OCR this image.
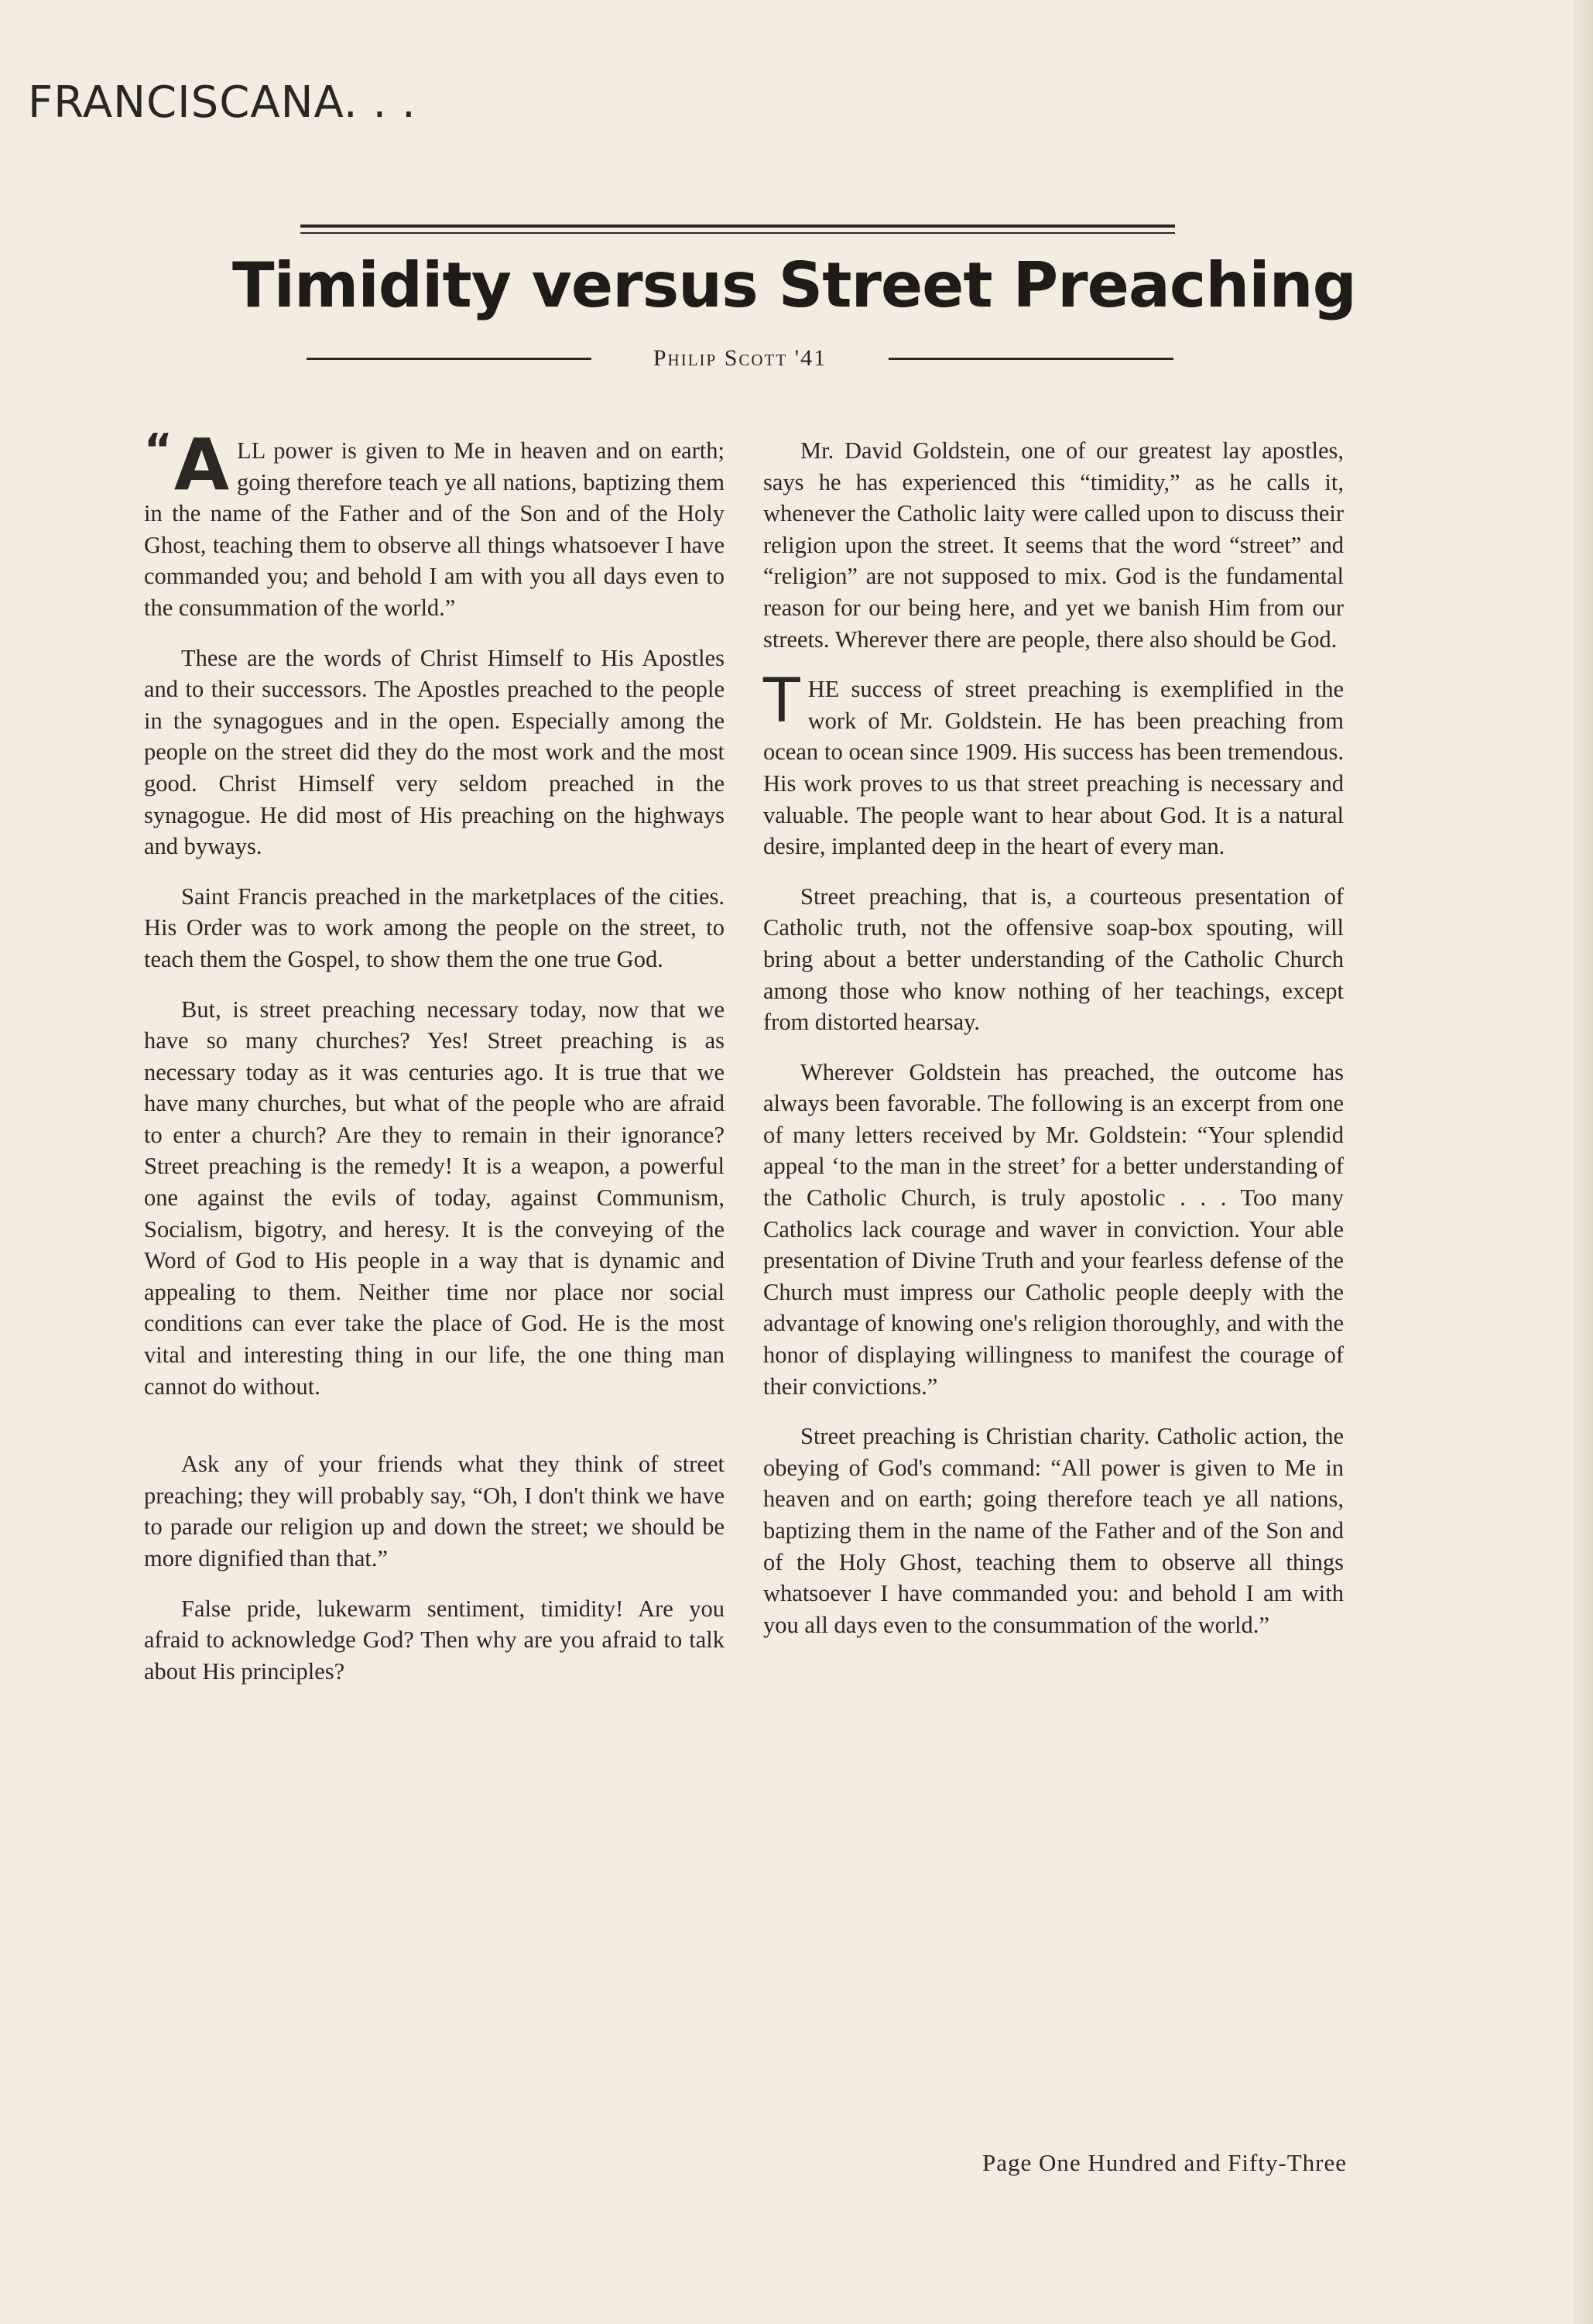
FRANCISCANA. . .
Timidity versus Street Preaching
Philip Scott '41

“ A LL power is given to Me in heaven and on earth; going therefore teach ye all nations, baptizing them in the name of the Father and of the Son and of the Holy Ghost, teaching them to observe all things whatsoever I have commanded you; and behold I am with you all days even to the consummation of the world.”

These are the words of Christ Himself to His Apostles and to their successors. The Apostles preached to the people in the synagogues and in the open. Especially among the people on the street did they do the most work and the most good. Christ Himself very seldom preached in the synagogue. He did most of His preaching on the highways and byways.

Saint Francis preached in the marketplaces of the cities. His Order was to work among the people on the street, to teach them the Gospel, to show them the one true God.

But, is street preaching necessary today, now that we have so many churches? Yes! Street preaching is as necessary today as it was centuries ago. It is true that we have many churches, but what of the people who are afraid to enter a church? Are they to remain in their ignorance? Street preaching is the remedy! It is a weapon, a powerful one against the evils of today, against Communism, Socialism, bigotry, and heresy. It is the conveying of the Word of God to His people in a way that is dynamic and appealing to them. Neither time nor place nor social conditions can ever take the place of God. He is the most vital and interesting thing in our life, the one thing man cannot do without.

Ask any of your friends what they think of street preaching; they will probably say, “Oh, I don't think we have to parade our religion up and down the street; we should be more dignified than that.”

False pride, lukewarm sentiment, timidity! Are you afraid to acknowledge God? Then why are you afraid to talk about His principles?

Mr. David Goldstein, one of our greatest lay apostles, says he has experienced this “timidity,” as he calls it, whenever the Catholic laity were called upon to discuss their religion upon the street. It seems that the word “street” and “religion” are not supposed to mix. God is the fundamental reason for our being here, and yet we banish Him from our streets. Wherever there are people, there also should be God.

THE success of street preaching is exemplified in the work of Mr. Goldstein. He has been preaching from ocean to ocean since 1909. His success has been tremendous. His work proves to us that street preaching is necessary and valuable. The people want to hear about God. It is a natural desire, implanted deep in the heart of every man.

Street preaching, that is, a courteous presentation of Catholic truth, not the offensive soap-box spouting, will bring about a better understanding of the Catholic Church among those who know nothing of her teachings, except from distorted hearsay.

Wherever Goldstein has preached, the outcome has always been favorable. The following is an excerpt from one of many letters received by Mr. Goldstein: “Your splendid appeal ‘to the man in the street’ for a better understanding of the Catholic Church, is truly apostolic . . . Too many Catholics lack courage and waver in conviction. Your able presentation of Divine Truth and your fearless defense of the Church must impress our Catholic people deeply with the advantage of knowing one's religion thoroughly, and with the honor of displaying willingness to manifest the courage of their convictions.”

Street preaching is Christian charity. Catholic action, the obeying of God's command: “All power is given to Me in heaven and on earth; going therefore teach ye all nations, baptizing them in the name of the Father and of the Son and of the Holy Ghost, teaching them to observe all things whatsoever I have commanded you: and behold I am with you all days even to the consummation of the world.”

Page One Hundred and Fifty-Three
